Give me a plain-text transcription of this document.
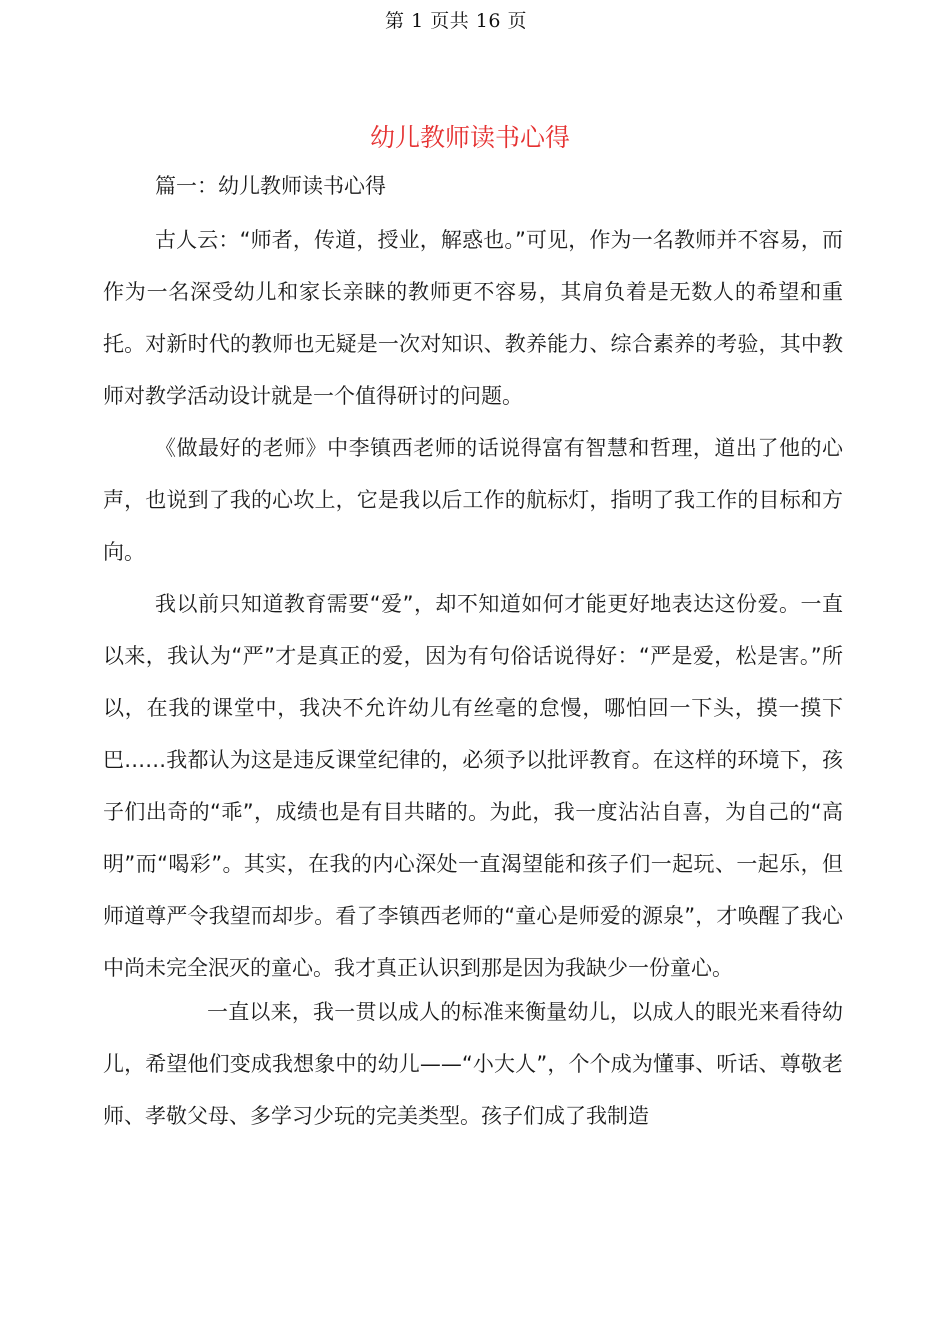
第 1 页共 16 页
幼儿教师读书心得
篇一：幼儿教师读书心得

古人云：“师者，传道，授业，解惑也。”可见，作为一名教师并不容易，而作为一名深受幼儿和家长亲睐的教师更不容易，其肩负着是无数人的希望和重托。对新时代的教师也无疑是一次对知识、教养能力、综合素养的考验，其中教师对教学活动设计就是一个值得研讨的问题。

《做最好的老师》中李镇西老师的话说得富有智慧和哲理，道出了他的心声，也说到了我的心坎上，它是我以后工作的航标灯，指明了我工作的目标和方向。

我以前只知道教育需要“爱”，却不知道如何才能更好地表达这份爱。一直以来，我认为“严”才是真正的爱，因为有句俗话说得好：“严是爱，松是害。”所以，在我的课堂中，我决不允许幼儿有丝毫的怠慢，哪怕回一下头，摸一摸下巴……我都认为这是违反课堂纪律的，必须予以批评教育。在这样的环境下，孩子们出奇的“乖”，成绩也是有目共睹的。为此，我一度沾沾自喜，为自己的“高明”而“喝彩”。其实，在我的内心深处一直渴望能和孩子们一起玩、一起乐，但师道尊严令我望而却步。看了李镇西老师的“童心是师爱的源泉”，才唤醒了我心中尚未完全泯灭的童心。我才真正认识到那是因为我缺少一份童心。

一直以来，我一贯以成人的标准来衡量幼儿，以成人的眼光来看待幼儿，希望他们变成我想象中的幼儿——“小大人”，个个成为懂事、听话、尊敬老师、孝敬父母、多学习少玩的完美类型。孩子们成了我制造
